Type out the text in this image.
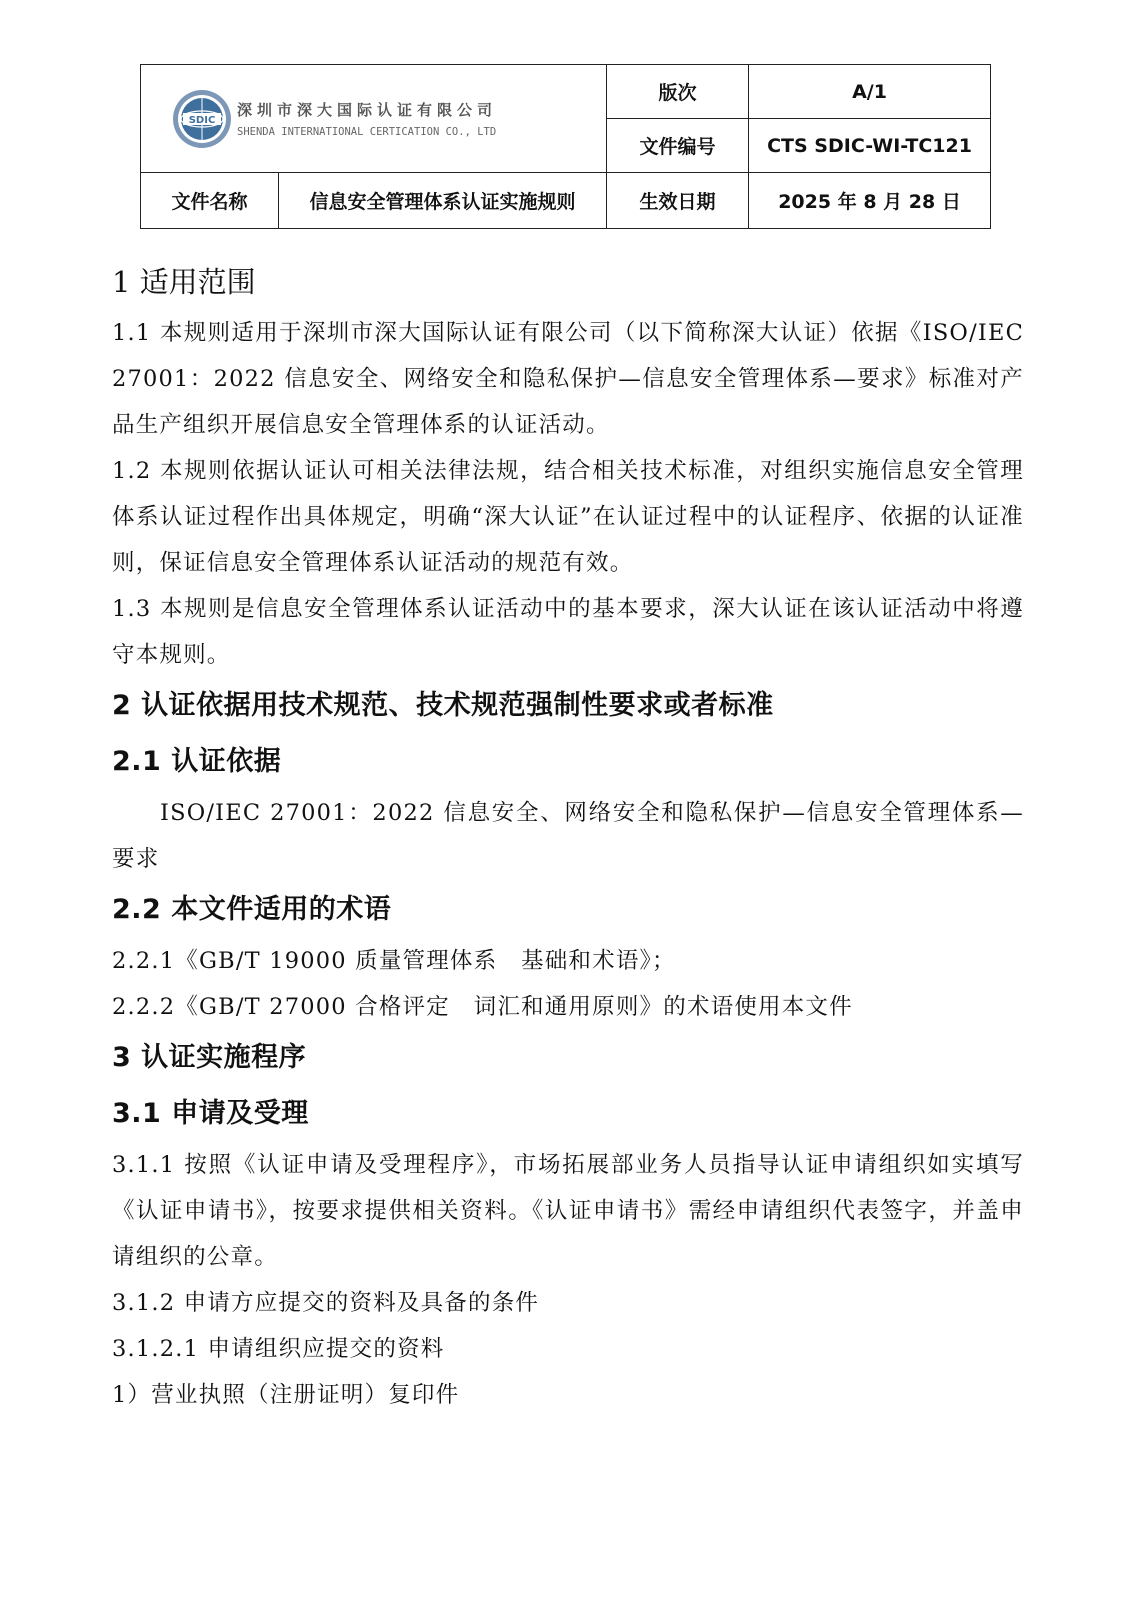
SDIC
深圳市深大国际认证有限公司
SHENDA INTERNATIONAL CERTICATION CO., LTD		版次	A/1
		文件编号	CTS SDIC-WI-TC121
文件名称	信息安全管理体系认证实施规则	生效日期	2025 年 8 月 28 日
1 适用范围

1.1 本规则适用于深圳市深大国际认证有限公司（以下简称深大认证）依据《ISO/IEC 27001：2022 信息安全、网络安全和隐私保护—信息安全管理体系—要求》标准对产品生产组织开展信息安全管理体系的认证活动。

1.2 本规则依据认证认可相关法律法规，结合相关技术标准，对组织实施信息安全管理体系认证过程作出具体规定，明确“深大认证”在认证过程中的认证程序、依据的认证准则，保证信息安全管理体系认证活动的规范有效。

1.3 本规则是信息安全管理体系认证活动中的基本要求，深大认证在该认证活动中将遵守本规则。

2 认证依据用技术规范、技术规范强制性要求或者标准
2.1 认证依据

ISO/IEC 27001：2022 信息安全、网络安全和隐私保护—信息安全管理体系—要求

2.2 本文件适用的术语

2.2.1《GB/T 19000 质量管理体系　基础和术语》；

2.2.2《GB/T 27000 合格评定　词汇和通用原则》的术语使用本文件

3 认证实施程序
3.1 申请及受理

3.1.1 按照《认证申请及受理程序》，市场拓展部业务人员指导认证申请组织如实填写《认证申请书》，按要求提供相关资料。《认证申请书》需经申请组织代表签字，并盖申请组织的公章。

3.1.2 申请方应提交的资料及具备的条件

3.1.2.1 申请组织应提交的资料

1）营业执照（注册证明）复印件
